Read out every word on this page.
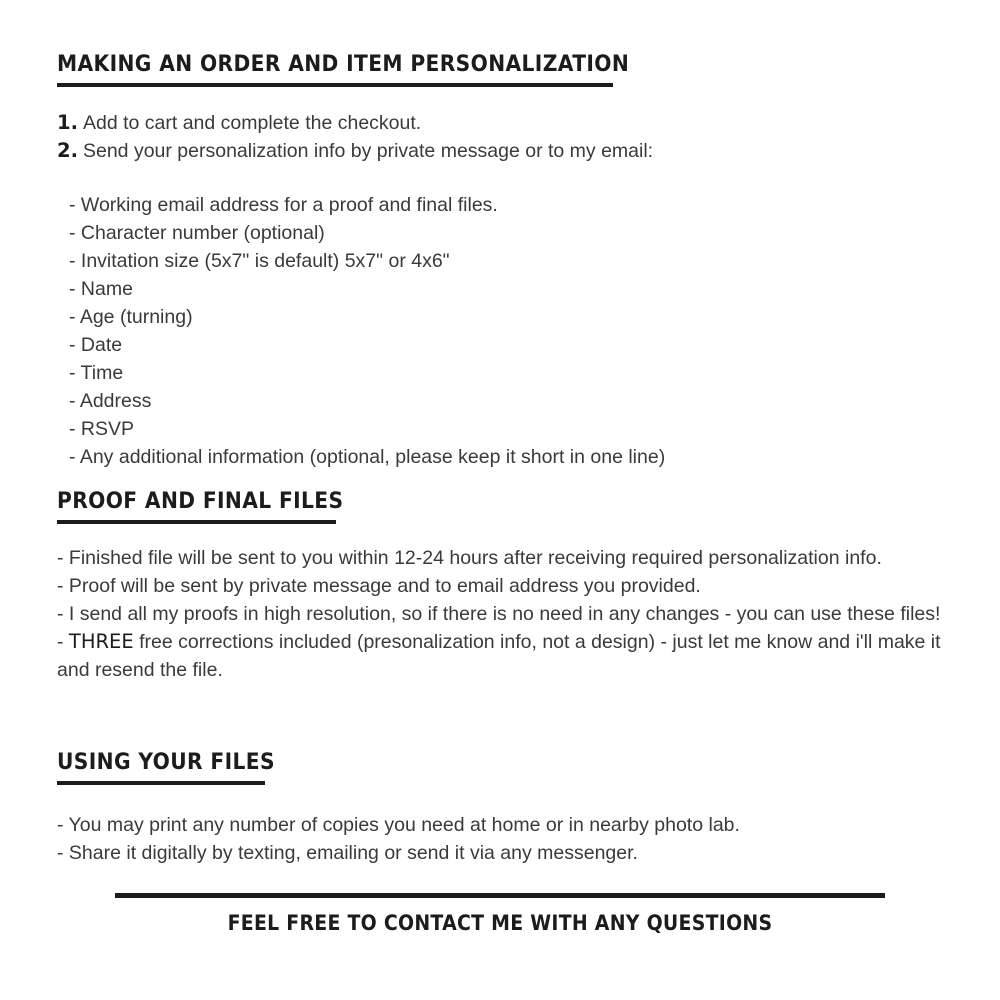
MAKING AN ORDER AND ITEM PERSONALIZATION
1. Add to cart and complete the checkout.
2. Send your personalization info by private message or to my email:
- Working email address for a proof and final files.
- Character number (optional)
- Invitation size (5x7" is default) 5x7" or 4x6"
- Name
- Age (turning)
- Date
- Time
- Address
- RSVP
- Any additional information (optional, please keep it short in one line)
PROOF AND FINAL FILES
- Finished file will be sent to you within 12-24 hours after receiving required personalization info.
- Proof will be sent by private message and to email address you provided.
- I send all my proofs in high resolution, so if there is no need in any changes - you can use these files!
- THREE free corrections included (presonalization info, not a design) - just let me know and i'll make it and resend the file.
USING YOUR FILES
- You may print any number of copies you need at home or in nearby photo lab.
- Share it digitally by texting, emailing or send it via any messenger.
FEEL FREE TO CONTACT ME WITH ANY QUESTIONS
